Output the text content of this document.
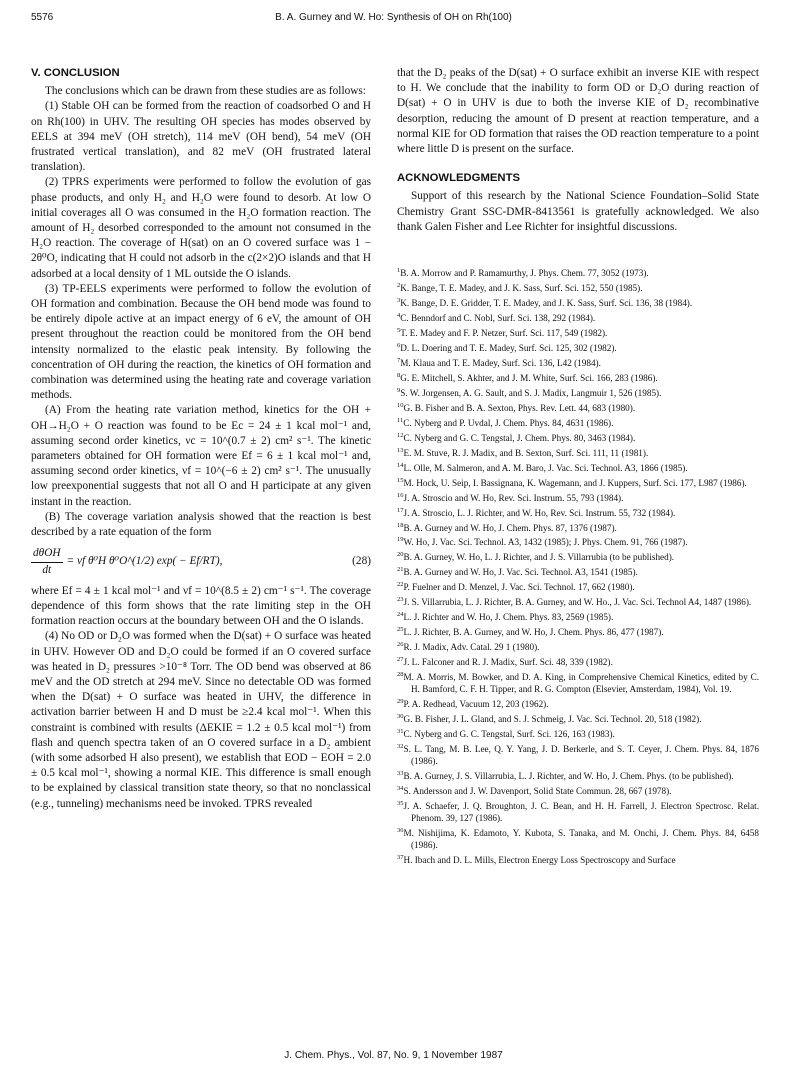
5576	B. A. Gurney and W. Ho: Synthesis of OH on Rh(100)
V. CONCLUSION

The conclusions which can be drawn from these studies are as follows:

(1) Stable OH can be formed from the reaction of coadsorbed O and H on Rh(100) in UHV. The resulting OH species has modes observed by EELS at 394 meV (OH stretch), 114 meV (OH bend), 54 meV (OH frustrated vertical translation), and 82 meV (OH frustrated lateral translation).

(2) TPRS experiments were performed to follow the evolution of gas phase products, and only H₂ and H₂O were found to desorb. At low O initial coverages all O was consumed in the H₂O formation reaction. The amount of H₂ desorbed corresponded to the amount not consumed in the H₂O reaction. The coverage of H(sat) on an O covered surface was 1 − 2θ⁰O, indicating that H could not adsorb in the c(2×2)O islands and that H adsorbed at a local density of 1 ML outside the O islands.

(3) TP-EELS experiments were performed to follow the evolution of OH formation and combination. Because the OH bend mode was found to be entirely dipole active at an impact energy of 6 eV, the amount of OH present throughout the reaction could be monitored from the OH bend intensity normalized to the elastic peak intensity. By following the concentration of OH during the reaction, the kinetics of OH formation and combination was determined using the heating rate and coverage variation methods.

(A) From the heating rate variation method, kinetics for the OH + OH→H₂O + O reaction was found to be Ec = 24 ± 1 kcal mol⁻¹ and, assuming second order kinetics, νc = 10^(0.7 ± 2) cm² s⁻¹. The kinetic parameters obtained for OH formation were Ef = 6 ± 1 kcal mol⁻¹ and, assuming second order kinetics, νf = 10^(−6 ± 2) cm² s⁻¹. The unusually low preexponential suggests that not all O and H participate at any given instant in the reaction.

(B) The coverage variation analysis showed that the reaction is best described by a rate equation of the form

$\frac{\text{dθOH}}{dt} = \nu f$ θ⁰H θ⁰O^(1/2) exp( − Ef/RT),	(28)

where Ef = 4 ± 1 kcal mol⁻¹ and νf = 10^(8.5 ± 2) cm⁻¹ s⁻¹. The coverage dependence of this form shows that the rate limiting step in the OH formation reaction occurs at the boundary between OH and the O islands.

(4) No OD or D₂O was formed when the D(sat) + O surface was heated in UHV. However OD and D₂O could be formed if an O covered surface was heated in D₂ pressures >10⁻⁸ Torr. The OD bend was observed at 86 meV and the OD stretch at 294 meV. Since no detectable OD was formed when the D(sat) + O surface was heated in UHV, the difference in activation barrier between H and D must be ≥2.4 kcal mol⁻¹. When this constraint is combined with results (ΔEKIE = 1.2 ± 0.5 kcal mol⁻¹) from flash and quench spectra taken of an O covered surface in a D₂ ambient (with some adsorbed H also present), we establish that EOD − EOH = 2.0 ± 0.5 kcal mol⁻¹, showing a normal KIE. This difference is small enough to be explained by classical transition state theory, so that no nonclassical (e.g., tunneling) mechanisms need be invoked. TPRS revealed

that the D₂ peaks of the D(sat) + O surface exhibit an inverse KIE with respect to H. We conclude that the inability to form OD or D₂O during reaction of D(sat) + O in UHV is due to both the inverse KIE of D₂ recombinative desorption, reducing the amount of D present at reaction temperature, and a normal KIE for OD formation that raises the OD reaction temperature to a point where little D is present on the surface.

ACKNOWLEDGMENTS

Support of this research by the National Science Foundation–Solid State Chemistry Grant SSC-DMR-8413561 is gratefully acknowledged. We also thank Galen Fisher and Lee Richter for insightful discussions.

$^1$B. A. Morrow and P. Ramamurthy, J. Phys. Chem. 77, 3052 (1973).

$^2$K. Bange, T. E. Madey, and J. K. Sass, Surf. Sci. 152, 550 (1985).

$^3$K. Bange, D. E. Gridder, T. E. Madey, and J. K. Sass, Surf. Sci. 136, 38 (1984).

$^4$C. Benndorf and C. Nobl, Surf. Sci. 138, 292 (1984).

$^5$T. E. Madey and F. P. Netzer, Surf. Sci. 117, 549 (1982).

$^6$D. L. Doering and T. E. Madey, Surf. Sci. 125, 302 (1982).

$^7$M. Klaua and T. E. Madey, Surf. Sci. 136, L42 (1984).

$^8$G. E. Mitchell, S. Akhter, and J. M. White, Surf. Sci. 166, 283 (1986).

$^9$S. W. Jorgensen, A. G. Sault, and S. J. Madix, Langmuir 1, 526 (1985).

$^{10}$G. B. Fisher and B. A. Sexton, Phys. Rev. Lett. 44, 683 (1980).

$^{11}$C. Nyberg and P. Uvdal, J. Chem. Phys. 84, 4631 (1986).

$^{12}$C. Nyberg and G. C. Tengstal, J. Chem. Phys. 80, 3463 (1984).

$^{13}$E. M. Stuve, R. J. Madix, and B. Sexton, Surf. Sci. 111, 11 (1981).

$^{14}$L. Olle, M. Salmeron, and A. M. Baro, J. Vac. Sci. Technol. A3, 1866 (1985).

$^{15}$M. Hock, U. Seip, I. Bassignana, K. Wagemann, and J. Kuppers, Surf. Sci. 177, L987 (1986).

$^{16}$J. A. Stroscio and W. Ho, Rev. Sci. Instrum. 55, 793 (1984).

$^{17}$J. A. Stroscio, L. J. Richter, and W. Ho, Rev. Sci. Instrum. 55, 732 (1984).

$^{18}$B. A. Gurney and W. Ho, J. Chem. Phys. 87, 1376 (1987).

$^{19}$W. Ho, J. Vac. Sci. Technol. A3, 1432 (1985); J. Phys. Chem. 91, 766 (1987).

$^{20}$B. A. Gurney, W. Ho, L. J. Richter, and J. S. Villarrubia (to be published).

$^{21}$B. A. Gurney and W. Ho, J. Vac. Sci. Technol. A3, 1541 (1985).

$^{22}$P. Fuelner and D. Menzel, J. Vac. Sci. Technol. 17, 662 (1980).

$^{23}$J. S. Villarrubia, L. J. Richter, B. A. Gurney, and W. Ho., J. Vac. Sci. Technol A4, 1487 (1986).

$^{24}$L. J. Richter and W. Ho, J. Chem. Phys. 83, 2569 (1985).

$^{25}$L. J. Richter, B. A. Gurney, and W. Ho, J. Chem. Phys. 86, 477 (1987).

$^{26}$R. J. Madix, Adv. Catal. 29 1 (1980).

$^{27}$J. L. Falconer and R. J. Madix, Surf. Sci. 48, 339 (1982).

$^{28}$M. A. Morris, M. Bowker, and D. A. King, in Comprehensive Chemical Kinetics, edited by C. H. Bamford, C. F. H. Tipper, and R. G. Compton (Elsevier, Amsterdam, 1984), Vol. 19.

$^{29}$P. A. Redhead, Vacuum 12, 203 (1962).

$^{30}$G. B. Fisher, J. L. Gland, and S. J. Schmeig, J. Vac. Sci. Technol. 20, 518 (1982).

$^{31}$C. Nyberg and G. C. Tengstal, Surf. Sci. 126, 163 (1983).

$^{32}$S. L. Tang, M. B. Lee, Q. Y. Yang, J. D. Berkerle, and S. T. Ceyer, J. Chem. Phys. 84, 1876 (1986).

$^{33}$B. A. Gurney, J. S. Villarrubia, L. J. Richter, and W. Ho, J. Chem. Phys. (to be published).

$^{34}$S. Andersson and J. W. Davenport, Solid State Commun. 28, 667 (1978).

$^{35}$J. A. Schaefer, J. Q. Broughton, J. C. Bean, and H. H. Farrell, J. Electron Spectrosc. Relat. Phenom. 39, 127 (1986).

$^{36}$M. Nishijima, K. Edamoto, Y. Kubota, S. Tanaka, and M. Onchi, J. Chem. Phys. 84, 6458 (1986).

$^{37}$H. Ibach and D. L. Mills, Electron Energy Loss Spectroscopy and Surface

J. Chem. Phys., Vol. 87, No. 9, 1 November 1987
